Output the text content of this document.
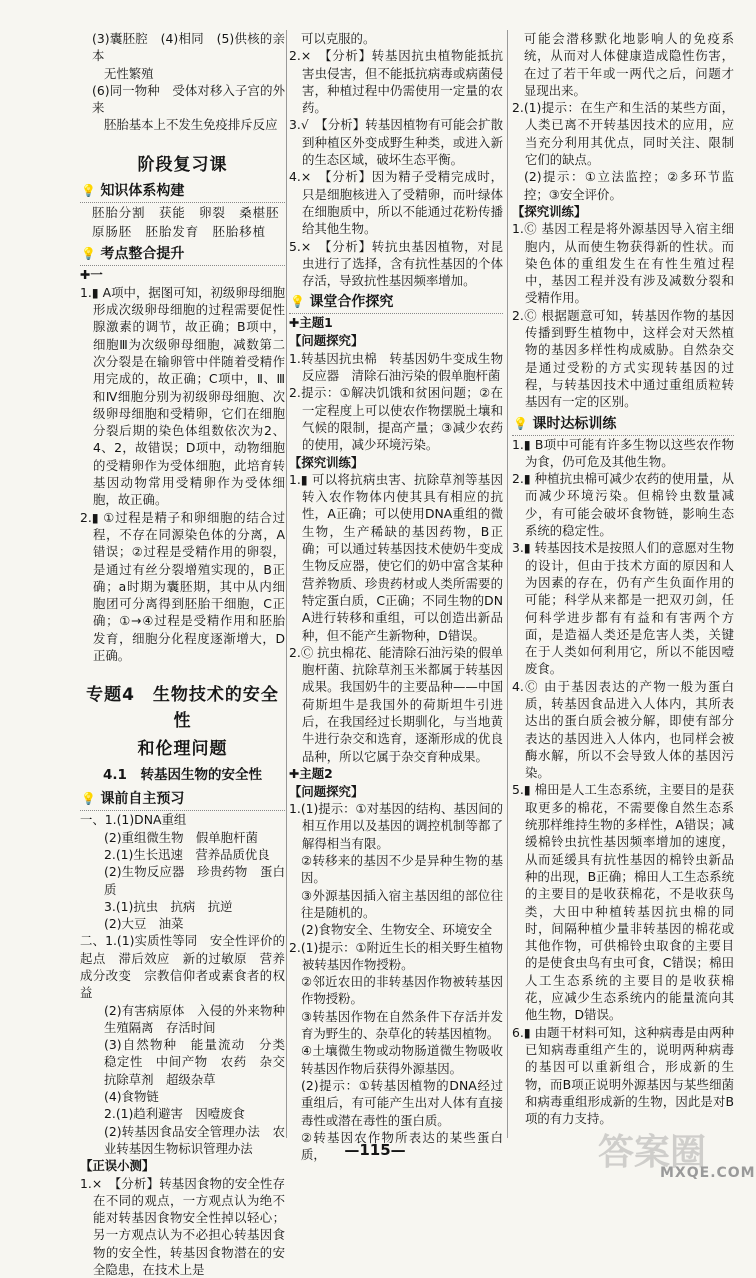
(3)囊胚腔　(4)相同　(5)供核的亲本
无性繁殖
(6)同一物种　受体对移入子宫的外来
胚胎基本上不发生免疫排斥反应
阶段复习课
💡 知识体系构建
胚胎分割　获能　卵裂　桑椹胚
原肠胚　胚胎发育　胚胎移植
💡 考点整合提升
✚一
1.▮ A项中，据图可知，初级卵母细胞形成次级卵母细胞的过程需要促性腺激素的调节，故正确；B项中，细胞Ⅲ为次级卵母细胞，减数第二次分裂是在输卵管中伴随着受精作用完成的，故正确；C项中，Ⅱ、Ⅲ和Ⅳ细胞分别为初级卵母细胞、次级卵母细胞和受精卵，它们在细胞分裂后期的染色体组数依次为2、4、2，故错误；D项中，动物细胞的受精卵作为受体细胞，此培育转基因动物常用受精卵作为受体细胞，故正确。
2.▮ ①过程是精子和卵细胞的结合过程，不存在同源染色体的分离，A错误；②过程是受精作用的卵裂，是通过有丝分裂增殖实现的，B正确；a时期为囊胚期，其中从内细胞团可分离得到胚胎干细胞，C正确；①→④过程是受精作用和胚胎发育，细胞分化程度逐渐增大，D正确。
专题4　生物技术的安全性
和伦理问题
4.1　转基因生物的安全性
💡 课前自主预习
一、1.(1)DNA重组
(2)重组微生物　假单胞杆菌
2.(1)生长迅速　营养品质优良
(2)生物反应器　珍贵药物　蛋白质
3.(1)抗虫　抗病　抗逆
(2)大豆　油菜
二、1.(1)实质性等同　安全性评价的起点　滞后效应　新的过敏原　营养成分改变　宗教信仰者或素食者的权益
(2)有害病原体　入侵的外来物种　生殖隔离　存活时间
(3)自然物种　能量流动　分类　稳定性　中间产物　农药　杂交　抗除草剂　超级杂草
(4)食物链
2.(1)趋利避害　因噎废食
(2)转基因食品安全管理办法　农业转基因生物标识管理办法
【正误小测】
1.×　【分析】转基因食物的安全性存在不同的观点，一方观点认为绝不能对转基因食物安全性掉以轻心；另一方观点认为不必担心转基因食物的安全性，转基因食物潜在的安全隐患，在技术上是
可以克服的。
2.×　【分析】转基因抗虫植物能抵抗害虫侵害，但不能抵抗病毒或病菌侵害，种植过程中仍需使用一定量的农药。
3.√　【分析】转基因植物有可能会扩散到种植区外变成野生种类，或进入新的生态区域，破坏生态平衡。
4.×　【分析】因为精子受精完成时，只是细胞核进入了受精卵，而叶绿体在细胞质中，所以不能通过花粉传播给其他生物。
5.×　【分析】转抗虫基因植物，对昆虫进行了选择，含有抗性基因的个体存活，导致抗性基因频率增加。
💡 课堂合作探究
✚主题1
【问题探究】
1.转基因抗虫棉　转基因奶牛变成生物反应器　清除石油污染的假单胞杆菌
2.提示：①解决饥饿和贫困问题；②在一定程度上可以使农作物摆脱土壤和气候的限制，提高产量；③减少农药的使用，减少环境污染。
【探究训练】
1.▮ 可以将抗病虫害、抗除草剂等基因转入农作物体内使其具有相应的抗性，A正确；可以使用DNA重组的微生物，生产稀缺的基因药物，B正确；可以通过转基因技术使奶牛变成生物反应器，使它们的奶中富含某种营养物质、珍贵药材或人类所需要的特定蛋白质，C正确；不同生物的DNA进行转移和重组，可以创造出新品种，但不能产生新物种，D错误。
2.Ⓒ 抗虫棉花、能清除石油污染的假单胞杆菌、抗除草剂玉米都属于转基因成果。我国奶牛的主要品种——中国荷斯坦牛是我国外的荷斯坦牛引进后，在我国经过长期驯化，与当地黄牛进行杂交和选育，逐渐形成的优良品种，所以它属于杂交育种成果。
✚主题2
【问题探究】
1.(1)提示：①对基因的结构、基因间的相互作用以及基因的调控机制等都了解得相当有限。
②转移来的基因不少是异种生物的基因。
③外源基因插入宿主基因组的部位往往是随机的。
(2)食物安全、生物安全、环境安全
2.(1)提示：①附近生长的相关野生植物被转基因作物授粉。
②邻近农田的非转基因作物被转基因作物授粉。
③转基因作物在自然条件下存活并发育为野生的、杂草化的转基因植物。
④土壤微生物或动物肠道微生物吸收转基因作物后获得外源基因。
(2)提示：①转基因植物的DNA经过重组后，有可能产生出对人体有直接毒性或潜在毒性的蛋白质。
②转基因农作物所表达的某些蛋白质，
可能会潜移默化地影响人的免疫系统，从而对人体健康造成隐性伤害，在过了若干年或一两代之后，问题才显现出来。
2.(1)提示：在生产和生活的某些方面，人类已离不开转基因技术的应用，应当充分利用其优点，同时关注、限制它们的缺点。
(2)提示：①立法监控；②多环节监控；③安全评价。
【探究训练】
1.Ⓒ 基因工程是将外源基因导入宿主细胞内，从而使生物获得新的性状。而染色体的重组发生在有性生殖过程中，基因工程并没有涉及减数分裂和受精作用。
2.Ⓒ 根据题意可知，转基因作物的基因传播到野生植物中，这样会对天然植物的基因多样性构成威胁。自然杂交是通过受粉的方式实现转基因的过程，与转基因技术中通过重组质粒转基因有一定的区别。
💡 课时达标训练
1.▮ B项中可能有许多生物以这些农作物为食，仍可危及其他生物。
2.▮ 种植抗虫棉可减少农药的使用量，从而减少环境污染。但棉铃虫数量减少，有可能会破坏食物链，影响生态系统的稳定性。
3.▮ 转基因技术是按照人们的意愿对生物的设计，但由于技术方面的原因和人为因素的存在，仍有产生负面作用的可能；科学从来都是一把双刃剑，任何科学进步都有有益和有害两个方面，是造福人类还是危害人类，关键在于人类如何利用它，所以不能因噎废食。
4.Ⓒ 由于基因表达的产物一般为蛋白质，转基因食品进入人体内，其所表达出的蛋白质会被分解，即使有部分表达的基因进入人体内，也同样会被酶水解，所以不会导致人体的基因污染。
5.▮ 棉田是人工生态系统，主要目的是获取更多的棉花，不需要像自然生态系统那样维持生物的多样性，A错误；减缓棉铃虫抗性基因频率增加的速度，从而延缓具有抗性基因的棉铃虫新品种的出现，B正确；棉田人工生态系统的主要目的是收获棉花，不是收获鸟类，大田中种植转基因抗虫棉的同时，间隔种植少量非转基因的棉花或其他作物，可供棉铃虫取食的主要目的是使食虫鸟有虫可食，C错误；棉田人工生态系统的主要目的是收获棉花，应减少生态系统内的能量流向其他生物，D错误。
6.▮ 由题干材料可知，这种病毒是由两种已知病毒重组产生的，说明两种病毒的基因可以重新组合，形成新的生物，而B项正说明外源基因与某些细菌和病毒重组形成新的生物，因此是对B项的有力支持。
—115—	答案圈
MXQE.COM
